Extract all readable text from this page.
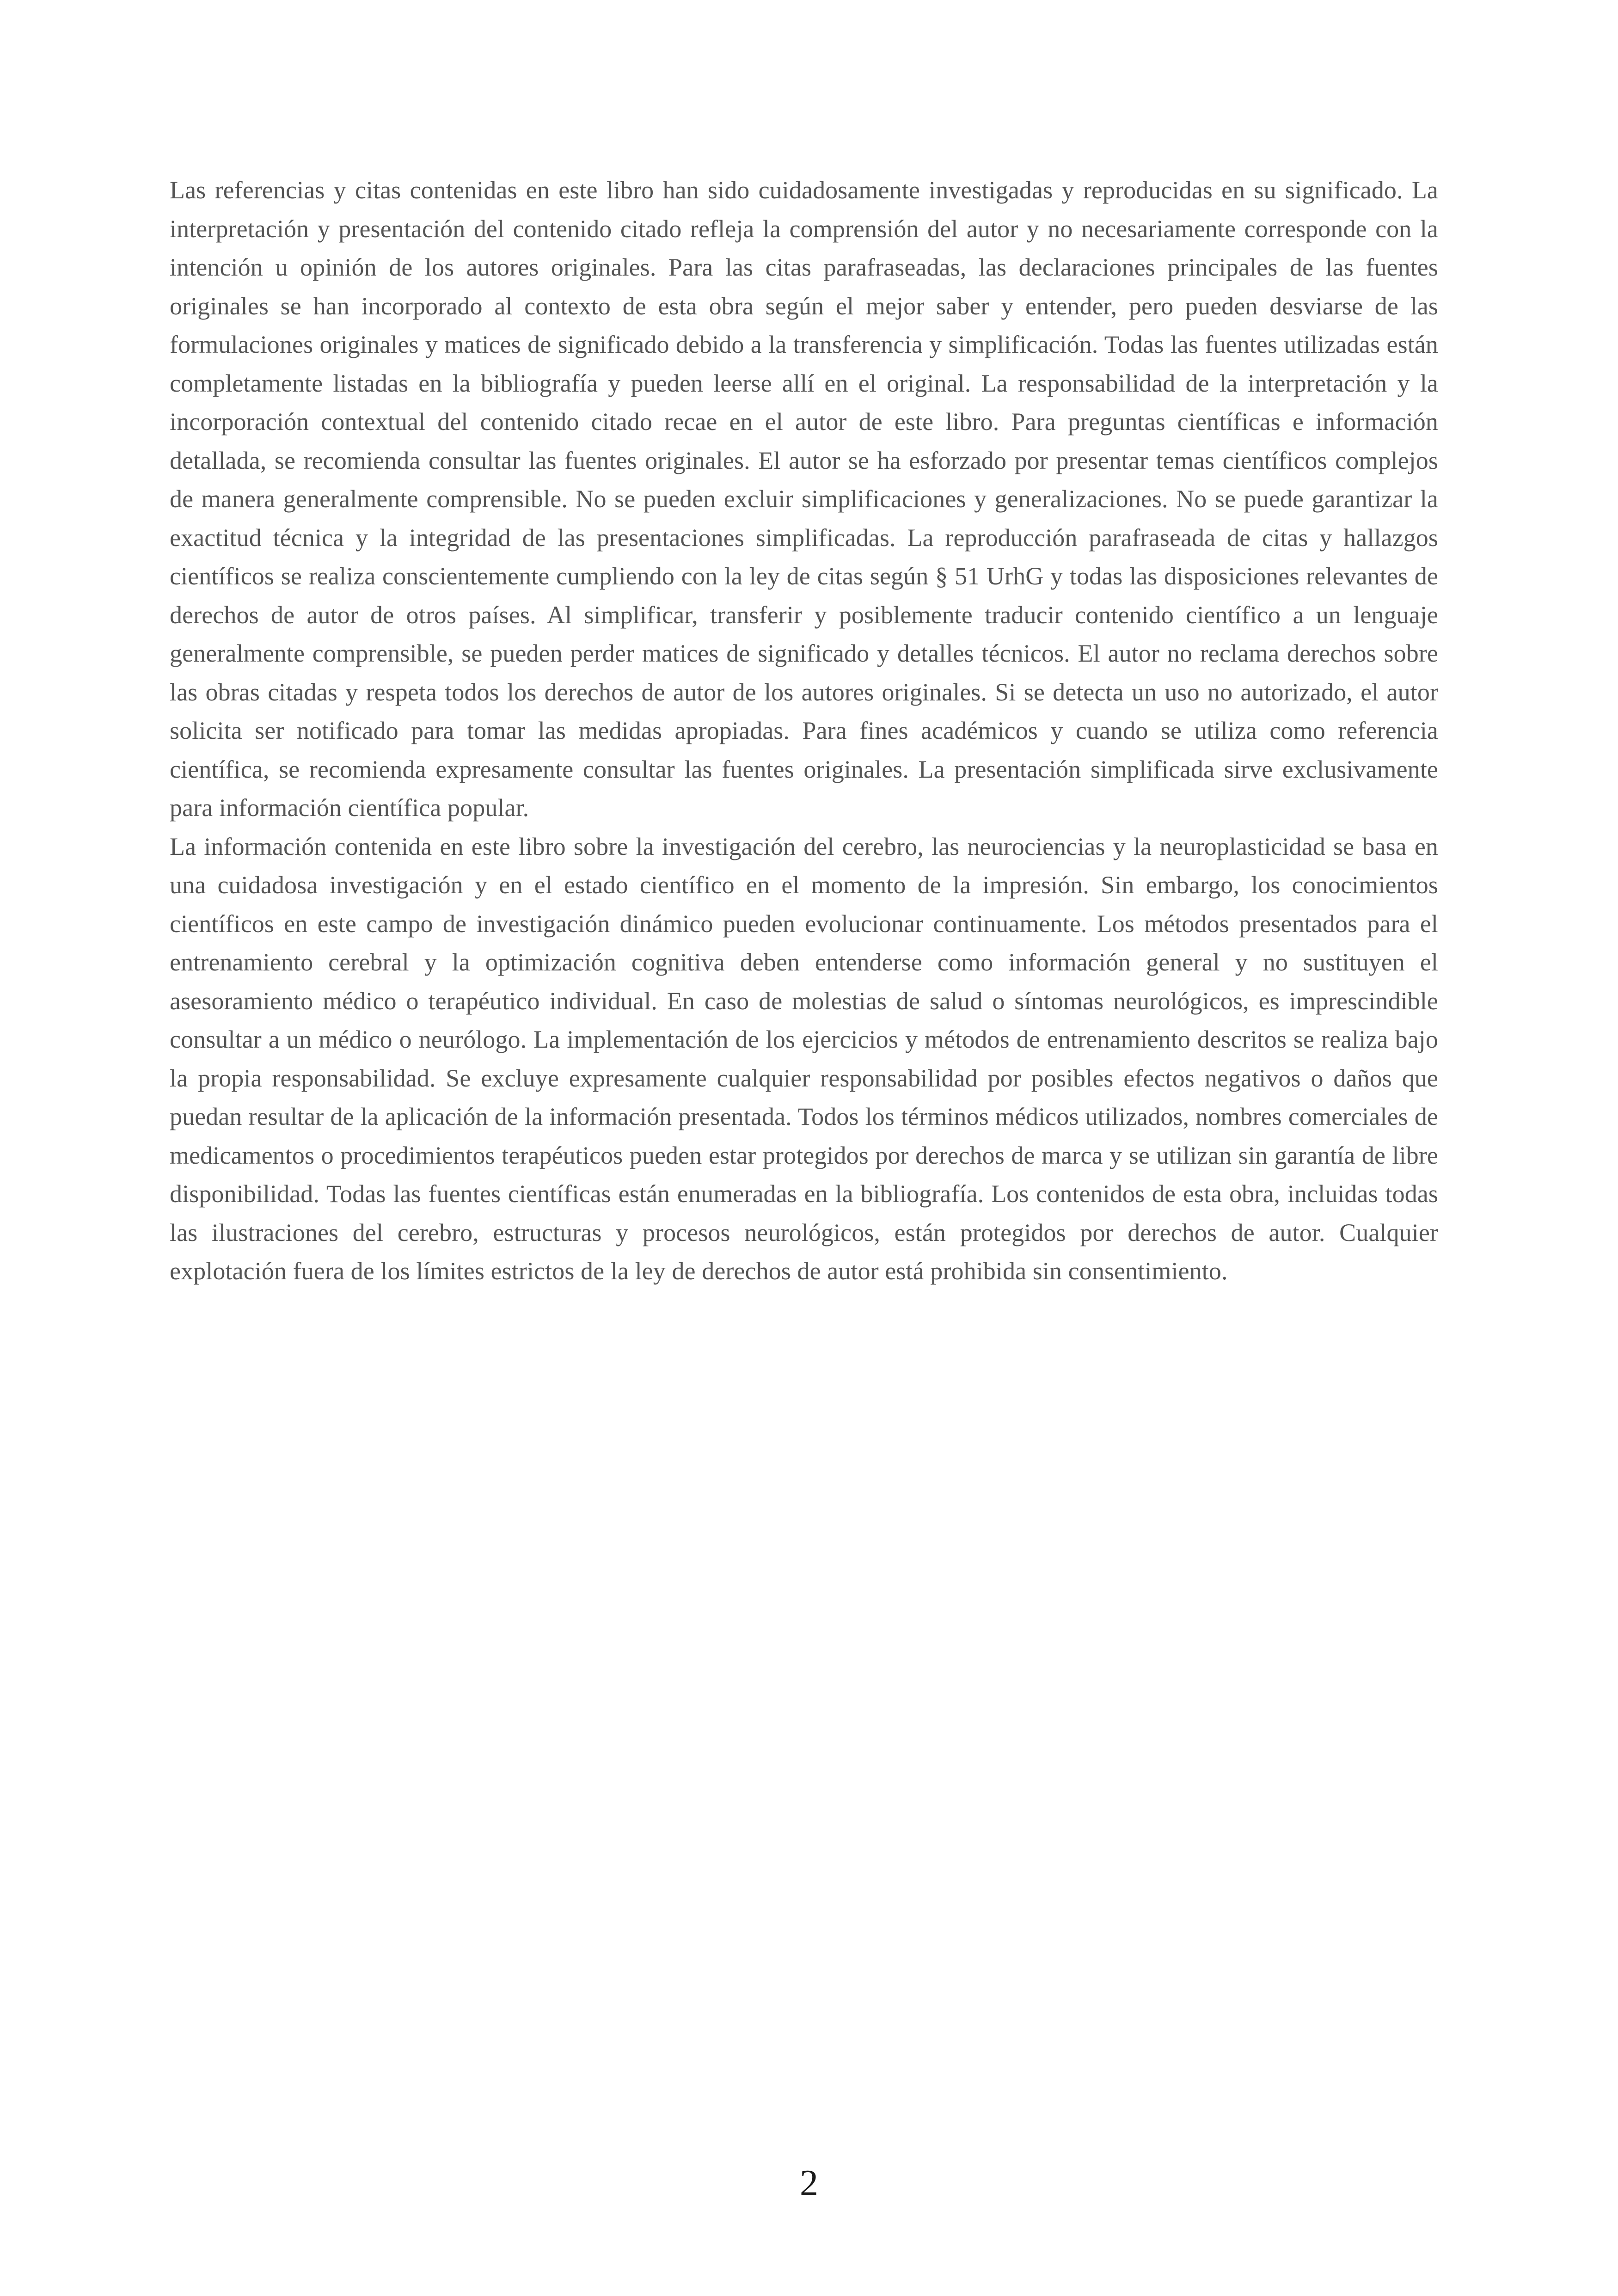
Las referencias y citas contenidas en este libro han sido cuidadosamente investigadas y reproducidas en su significado. La interpretación y presentación del contenido citado refleja la comprensión del autor y no necesariamente corresponde con la intención u opinión de los autores originales. Para las citas parafraseadas, las declaraciones principales de las fuentes originales se han incorporado al contexto de esta obra según el mejor saber y entender, pero pueden desviarse de las formulaciones originales y matices de significado debido a la transferencia y simplificación. Todas las fuentes utilizadas están completamente listadas en la bibliografía y pueden leerse allí en el original. La responsabilidad de la interpretación y la incorporación contextual del contenido citado recae en el autor de este libro. Para preguntas científicas e información detallada, se recomienda consultar las fuentes originales. El autor se ha esforzado por presentar temas científicos complejos de manera generalmente comprensible. No se pueden excluir simplificaciones y generalizaciones. No se puede garantizar la exactitud técnica y la integridad de las presentaciones simplificadas. La reproducción parafraseada de citas y hallazgos científicos se realiza conscientemente cumpliendo con la ley de citas según § 51 UrhG y todas las disposiciones relevantes de derechos de autor de otros países. Al simplificar, transferir y posiblemente traducir contenido científico a un lenguaje generalmente comprensible, se pueden perder matices de significado y detalles técnicos. El autor no reclama derechos sobre las obras citadas y respeta todos los derechos de autor de los autores originales. Si se detecta un uso no autorizado, el autor solicita ser notificado para tomar las medidas apropiadas. Para fines académicos y cuando se utiliza como referencia científica, se recomienda expresamente consultar las fuentes originales. La presentación simplificada sirve exclusivamente para información científica popular.

La información contenida en este libro sobre la investigación del cerebro, las neurociencias y la neuroplasticidad se basa en una cuidadosa investigación y en el estado científico en el momento de la impresión. Sin embargo, los conocimientos científicos en este campo de investigación dinámico pueden evolucionar continuamente. Los métodos presentados para el entrenamiento cerebral y la optimización cognitiva deben entenderse como información general y no sustituyen el asesoramiento médico o terapéutico individual. En caso de molestias de salud o síntomas neurológicos, es imprescindible consultar a un médico o neurólogo. La implementación de los ejercicios y métodos de entrenamiento descritos se realiza bajo la propia responsabilidad. Se excluye expresamente cualquier responsabilidad por posibles efectos negativos o daños que puedan resultar de la aplicación de la información presentada. Todos los términos médicos utilizados, nombres comerciales de medicamentos o procedimientos terapéuticos pueden estar protegidos por derechos de marca y se utilizan sin garantía de libre disponibilidad. Todas las fuentes científicas están enumeradas en la bibliografía. Los contenidos de esta obra, incluidas todas las ilustraciones del cerebro, estructuras y procesos neurológicos, están protegidos por derechos de autor. Cualquier explotación fuera de los límites estrictos de la ley de derechos de autor está prohibida sin consentimiento.

2
